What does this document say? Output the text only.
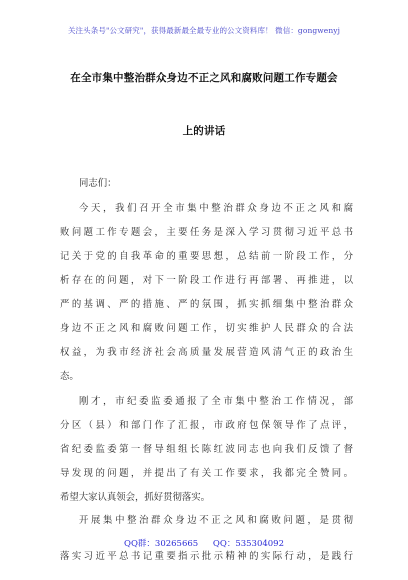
关注头条号"公文研究"，获得最新最全最专业的公文资料库！ 微信：gongwenyj
在全市集中整治群众身边不正之风和腐败问题工作专题会
上的讲话
同志们：
今天，我们召开全市集中整治群众身边不正之风和腐
败问题工作专题会，主要任务是深入学习贯彻习近平总书
记关于党的自我革命的重要思想，总结前一阶段工作，分
析存在的问题，对下一阶段工作进行再部署、再推进，以
严的基调、严的措施、严的氛围，抓实抓细集中整治群众
身边不正之风和腐败问题工作，切实维护人民群众的合法
权益，为我市经济社会高质量发展营造风清气正的政治生
态。
刚才，市纪委监委通报了全市集中整治工作情况，部
分区（县）和部门作了汇报，市政府包保领导作了点评，
省纪委监委第一督导组组长陈红波同志也向我们反馈了督
导发现的问题，并提出了有关工作要求，我都完全赞同。
希望大家认真领会，抓好贯彻落实。
开展集中整治群众身边不正之风和腐败问题，是贯彻
落实习近平总书记重要指示批示精神的实际行动，是践行
QQ群：30265665 QQ：535304092
